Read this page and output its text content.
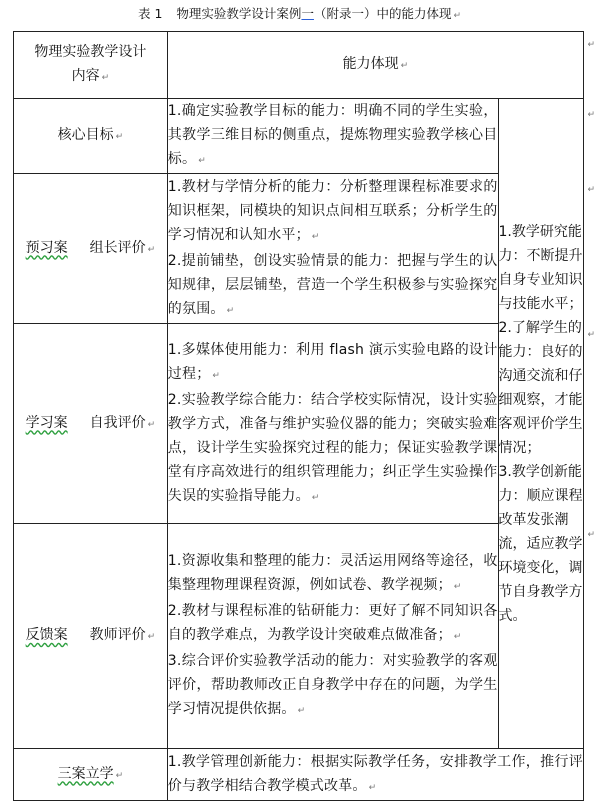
表 1 物理实验教学设计案例一（附录一）中的能力体现 ↵
物理实验教学设计
内容 ↵	能力体现 ↵	
核心目标 ↵	1.确定实验教学目标的能力：明确不同的学生实验，其教学三维目标的侧重点，提炼物理实验教学核心目标。 ↵	1.教学研究能力：不断提升自身专业知识与技能水平；
2.了解学生的能力：良好的沟通交流和仔细观察，才能客观评价学生情况；
3.教学创新能力：顺应课程改革发张潮流，适应教学环境变化，调节自身教学方式。

预习案 组长评价 ↵	1.教材与学情分析的能力：分析整理课程标准要求的知识框架，同模块的知识点间相互联系；分析学生的学习情况和认知水平； ↵
2.提前铺垫，创设实验情景的能力：把握与学生的认知规律，层层铺垫，营造一个学生积极参与实验探究的氛围。 ↵	

学习案 自我评价 ↵	1.多媒体使用能力：利用 flash 演示实验电路的设计过程； ↵
2.实验教学综合能力：结合学校实际情况，设计实验教学方式，准备与维护实验仪器的能力；突破实验难点，设计学生实验探究过程的能力；保证实验教学课堂有序高效进行的组织管理能力；纠正学生实验操作失误的实验指导能力。 ↵	

反馈案 教师评价 ↵	1.资源收集和整理的能力：灵活运用网络等途径，收集整理物理课程资源，例如试卷、教学视频； ↵
2.教材与课程标准的钻研能力：更好了解不同知识各自的教学难点，为教学设计突破难点做准备； ↵
3.综合评价实验教学活动的能力：对实验教学的客观评价，帮助教师改正自身教学中存在的问题，为学生学习情况提供依据。 ↵	

三案立学 ↵	1.教学管理创新能力：根据实际教学任务，安排教学工作，推行评价与教学相结合教学模式改革。 ↵	
↵
↵
↵
↵
↵
